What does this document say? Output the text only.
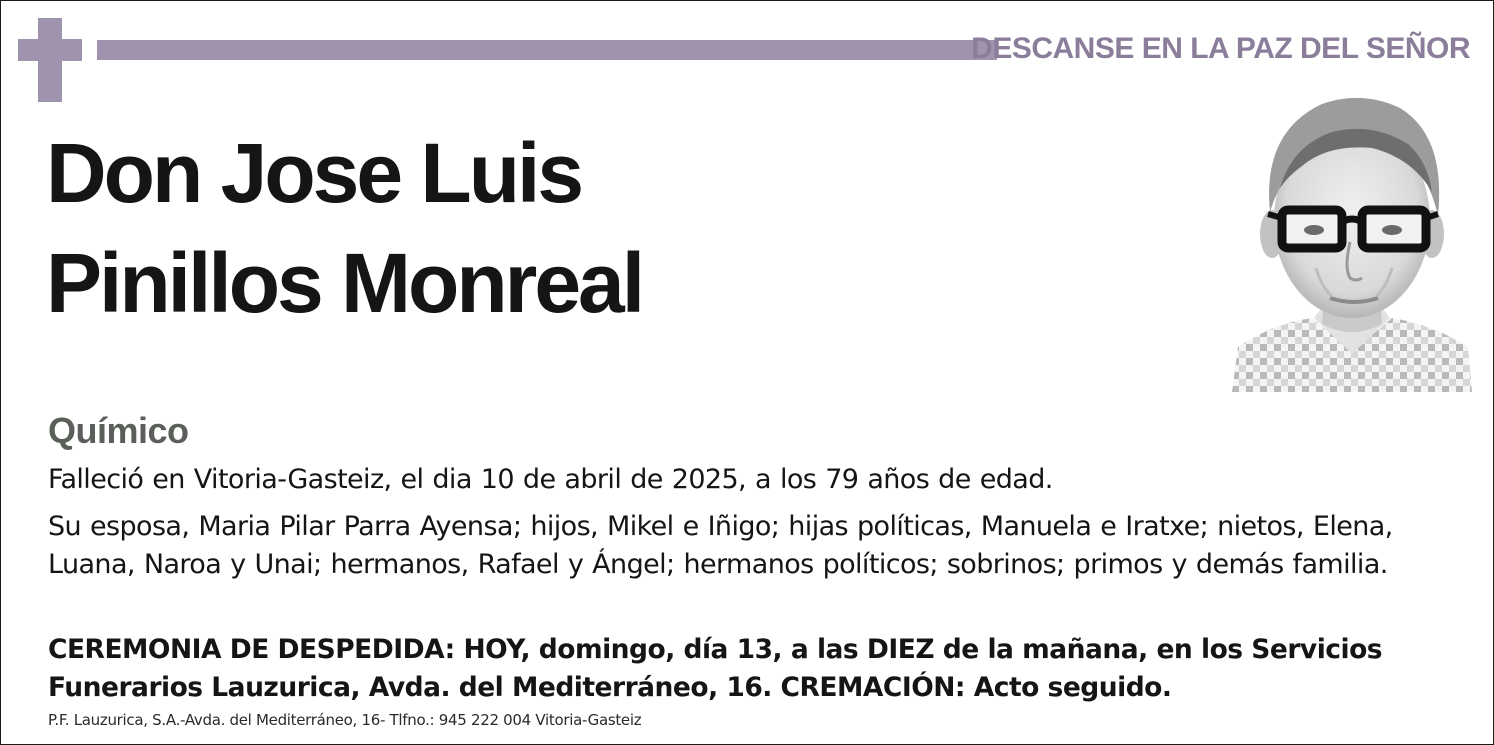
DESCANSE EN LA PAZ DEL SEÑOR
Don Jose Luis
Pinillos Monreal
Químico

Falleció en Vitoria-Gasteiz, el dia 10 de abril de 2025, a los 79 años de edad.

Su esposa, Maria Pilar Parra Ayensa; hijos, Mikel e Iñigo; hijas políticas, Manuela e Iratxe; nietos, Elena, Luana, Naroa y Unai; hermanos, Rafael y Ángel; hermanos políticos; sobrinos; primos y demás familia.

CEREMONIA DE DESPEDIDA: HOY, domingo, día 13, a las DIEZ de la mañana, en los Servicios Funerarios Lauzurica, Avda. del Mediterráneo, 16. CREMACIÓN: Acto seguido.

P.F. Lauzurica, S.A.-Avda. del Mediterráneo, 16- Tlfno.: 945 222 004 Vitoria-Gasteiz
